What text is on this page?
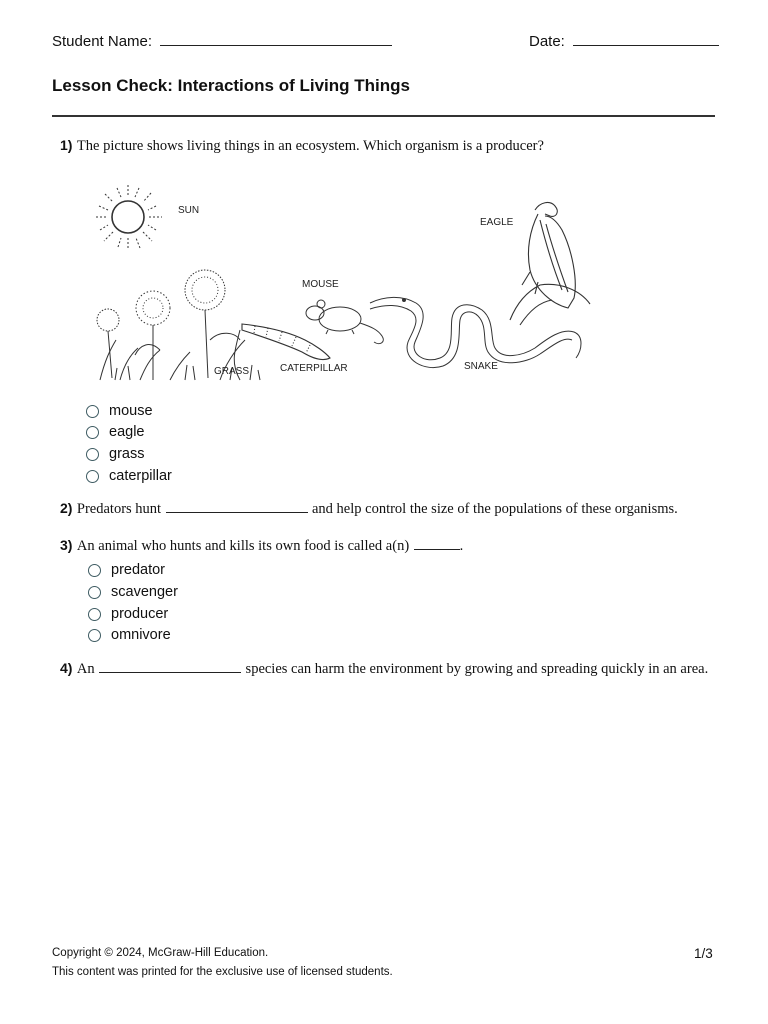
Student Name:	Date:
Lesson Check: Interactions of Living Things
1) The picture shows living things in an ecosystem. Which organism is a producer?
SUN
GRASS	CATERPILLAR
MOUSE
SNAKE
EAGLE
mouse
eagle
grass
caterpillar
2) Predators hunt	and help control the size of the populations of these organisms.
3) An animal who hunts and kills its own food is called a(n)	.
predator
scavenger
producer
omnivore
4) An	species can harm the environment by growing and spreading quickly in an area.
Copyright © 2024, McGraw-Hill Education.
This content was printed for the exclusive use of licensed students.
1/3
